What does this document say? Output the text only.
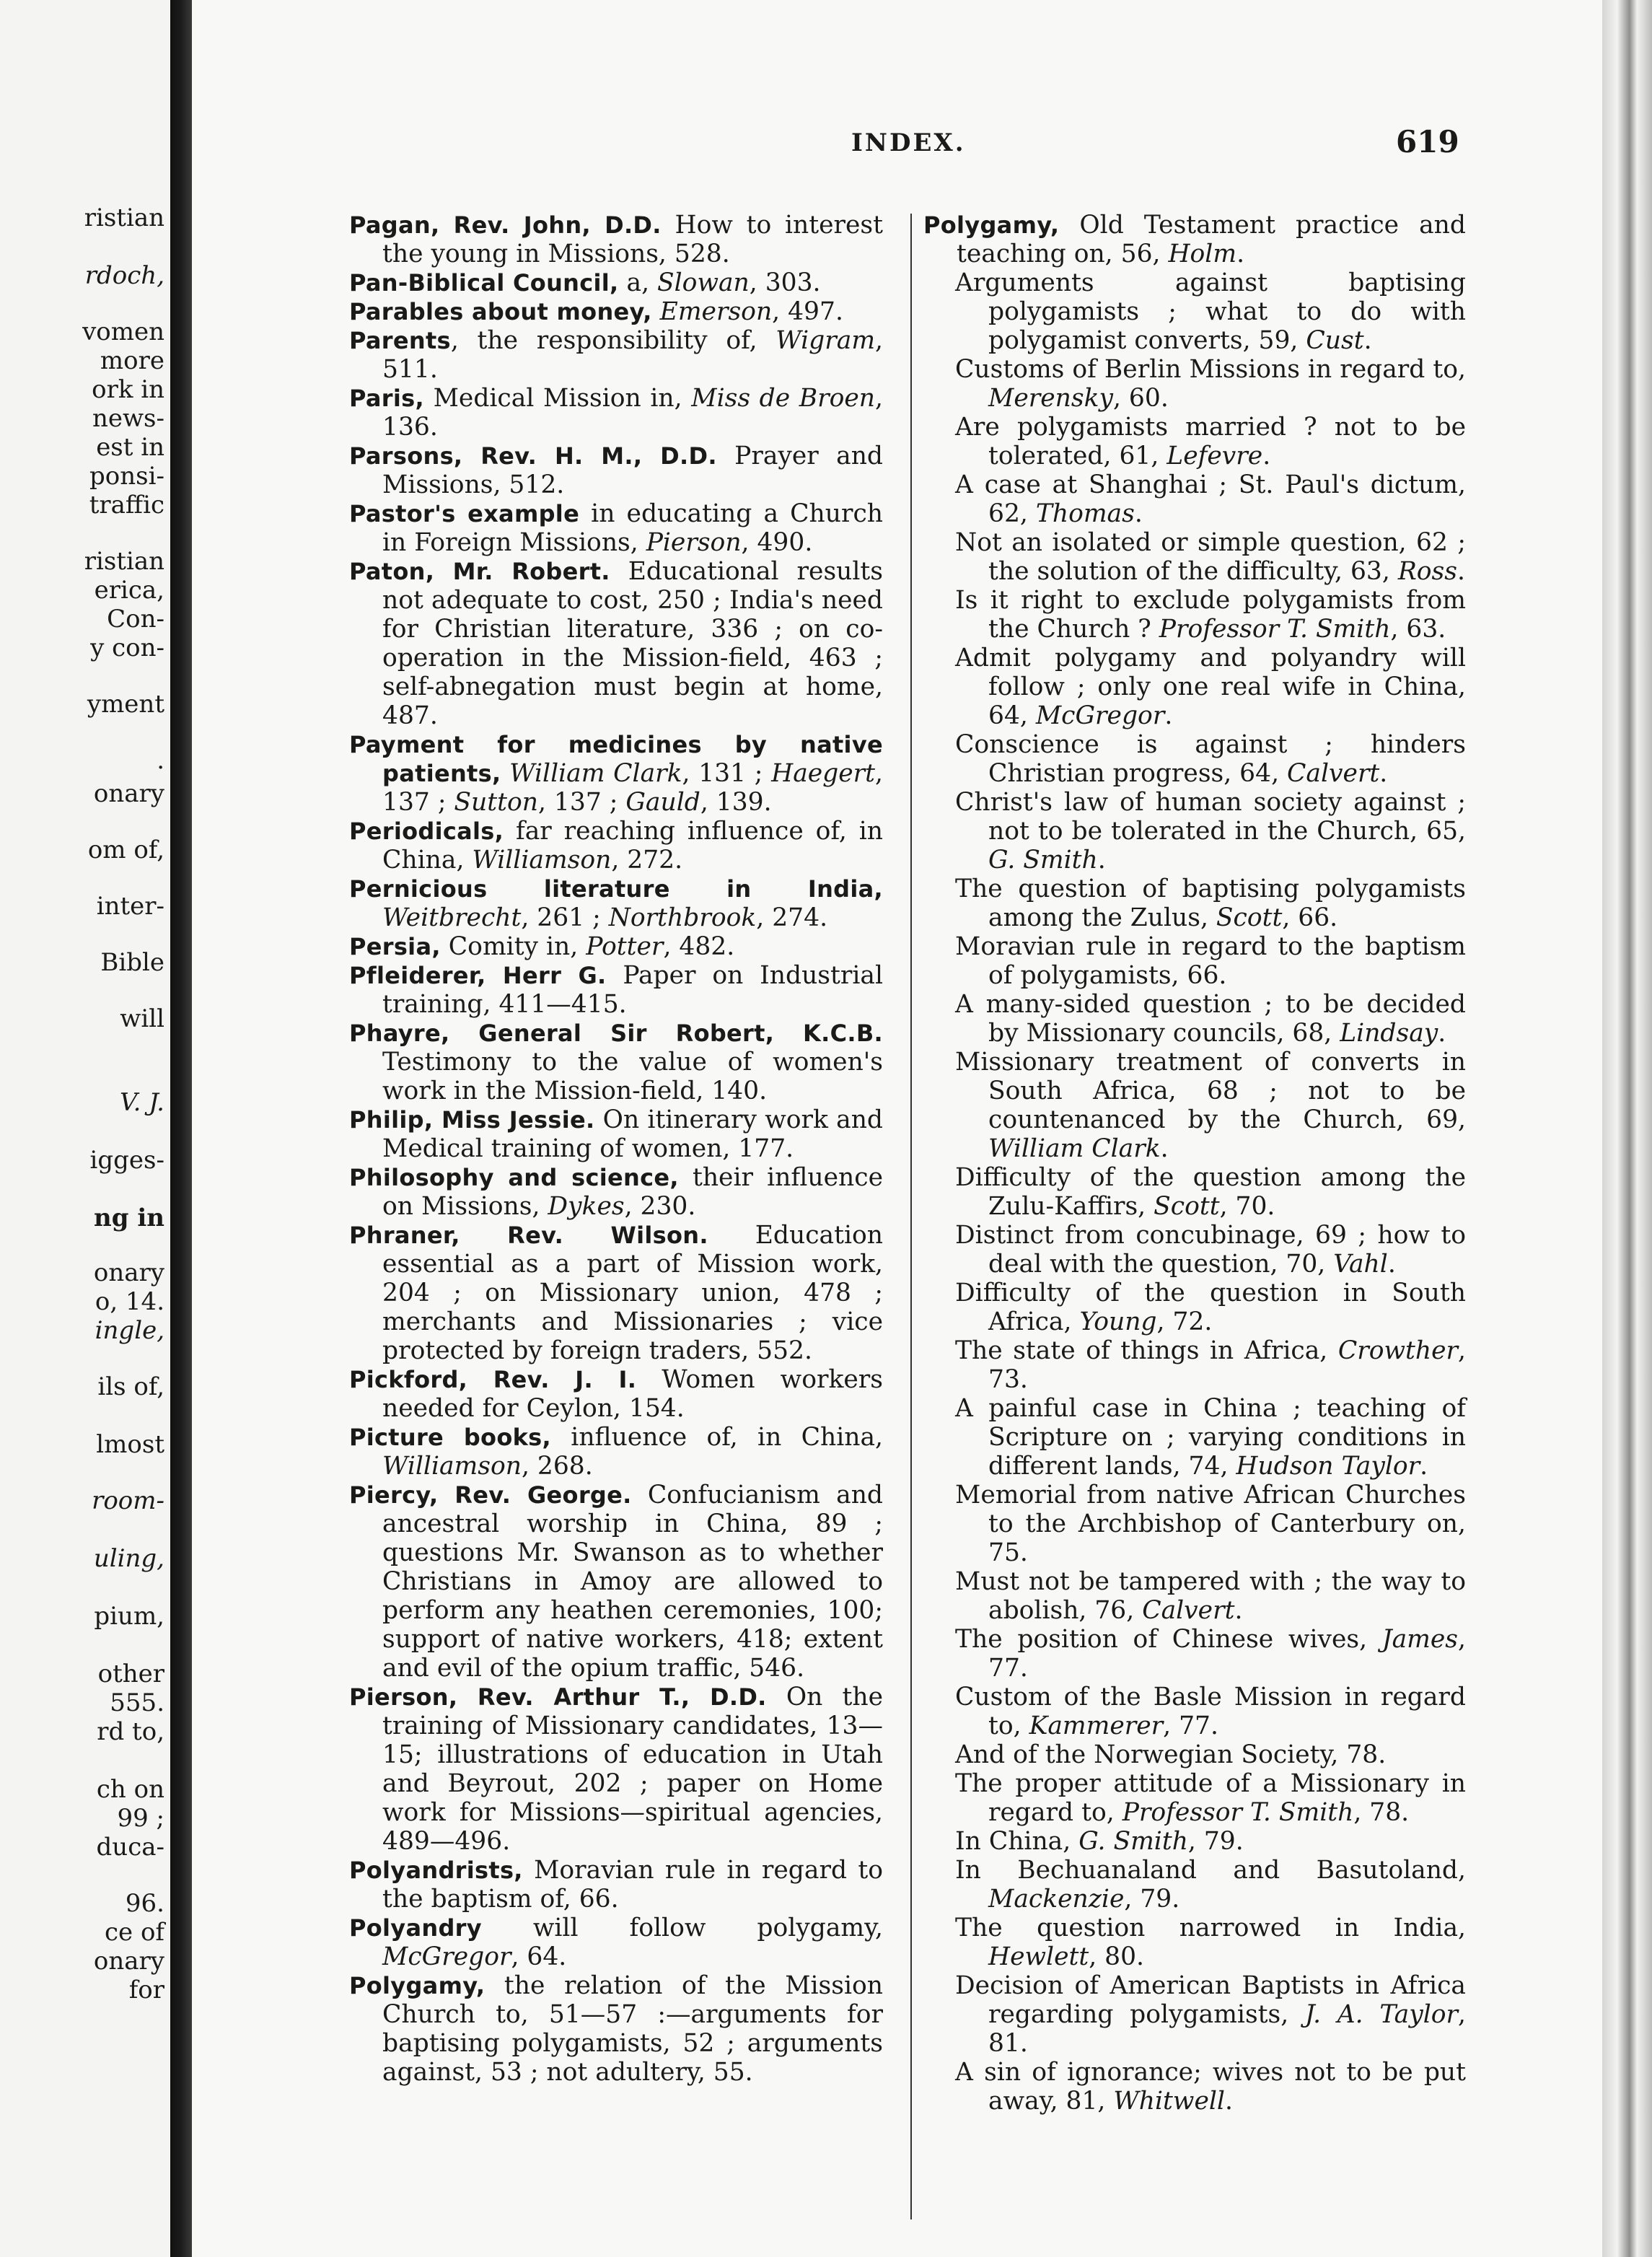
ristian
rdoch,
vomen
more
ork in
news-
est in
ponsi-
traffic
ristian
erica,
Con-
y con-
yment
.
onary
om of,
inter-
Bible
will
V. J.
igges-
ng in
onary
o, 14.
ingle,
ils of,
lmost
room-
uling,
pium,
other
555.
rd to,
ch on
99 ;
duca-
96.
ce of
onary
for
INDEX.	619
Pagan, Rev. John, D.D. How to interest the young in Missions, 528.
Pan-Biblical Council, a, Slowan, 303.
Parables about money, Emerson, 497.
Parents, the responsibility of, Wigram, 511.
Paris, Medical Mission in, Miss de Broen, 136.
Parsons, Rev. H. M., D.D. Prayer and Missions, 512.
Pastor's example in educating a Church in Foreign Missions, Pierson, 490.
Paton, Mr. Robert. Educational results not adequate to cost, 250 ; India's need for Christian literature, 336 ; on co-operation in the Mission-field, 463 ; self-abnegation must begin at home, 487.
Payment for medicines by native patients, William Clark, 131 ; Haegert, 137 ; Sutton, 137 ; Gauld, 139.
Periodicals, far reaching influence of, in China, Williamson, 272.
Pernicious literature in India, Weitbrecht, 261 ; Northbrook, 274.
Persia, Comity in, Potter, 482.
Pfleiderer, Herr G. Paper on Industrial training, 411—415.
Phayre, General Sir Robert, K.C.B. Testimony to the value of women's work in the Mission-field, 140.
Philip, Miss Jessie. On itinerary work and Medical training of women, 177.
Philosophy and science, their influence on Missions, Dykes, 230.
Phraner, Rev. Wilson. Education essential as a part of Mission work, 204 ; on Missionary union, 478 ; merchants and Missionaries ; vice protected by foreign traders, 552.
Pickford, Rev. J. I. Women workers needed for Ceylon, 154.
Picture books, influence of, in China, Williamson, 268.
Piercy, Rev. George. Confucianism and ancestral worship in China, 89 ; questions Mr. Swanson as to whether Christians in Amoy are allowed to perform any heathen ceremonies, 100; support of native workers, 418; extent and evil of the opium traffic, 546.
Pierson, Rev. Arthur T., D.D. On the training of Missionary candidates, 13—15; illustrations of education in Utah and Beyrout, 202 ; paper on Home work for Missions—spiritual agencies, 489—496.
Polyandrists, Moravian rule in regard to the baptism of, 66.
Polyandry will follow polygamy, McGregor, 64.
Polygamy, the relation of the Mission Church to, 51—57 :—arguments for baptising polygamists, 52 ; arguments against, 53 ; not adultery, 55.
Polygamy, Old Testament practice and teaching on, 56, Holm.
Arguments against baptising polygamists ; what to do with polygamist converts, 59, Cust.
Customs of Berlin Missions in regard to, Merensky, 60.
Are polygamists married ? not to be tolerated, 61, Lefevre.
A case at Shanghai ; St. Paul's dictum, 62, Thomas.
Not an isolated or simple question, 62 ; the solution of the difficulty, 63, Ross.
Is it right to exclude polygamists from the Church ? Professor T. Smith, 63.
Admit polygamy and polyandry will follow ; only one real wife in China, 64, McGregor.
Conscience is against ; hinders Christian progress, 64, Calvert.
Christ's law of human society against ; not to be tolerated in the Church, 65, G. Smith.
The question of baptising polygamists among the Zulus, Scott, 66.
Moravian rule in regard to the baptism of polygamists, 66.
A many-sided question ; to be decided by Missionary councils, 68, Lindsay.
Missionary treatment of converts in South Africa, 68 ; not to be countenanced by the Church, 69, William Clark.
Difficulty of the question among the Zulu-Kaffirs, Scott, 70.
Distinct from concubinage, 69 ; how to deal with the question, 70, Vahl.
Difficulty of the question in South Africa, Young, 72.
The state of things in Africa, Crowther, 73.
A painful case in China ; teaching of Scripture on ; varying conditions in different lands, 74, Hudson Taylor.
Memorial from native African Churches to the Archbishop of Canterbury on, 75.
Must not be tampered with ; the way to abolish, 76, Calvert.
The position of Chinese wives, James, 77.
Custom of the Basle Mission in regard to, Kammerer, 77.
And of the Norwegian Society, 78.
The proper attitude of a Missionary in regard to, Professor T. Smith, 78.
In China, G. Smith, 79.
In Bechuanaland and Basutoland, Mackenzie, 79.
The question narrowed in India, Hewlett, 80.
Decision of American Baptists in Africa regarding polygamists, J. A. Taylor, 81.
A sin of ignorance; wives not to be put away, 81, Whitwell.
